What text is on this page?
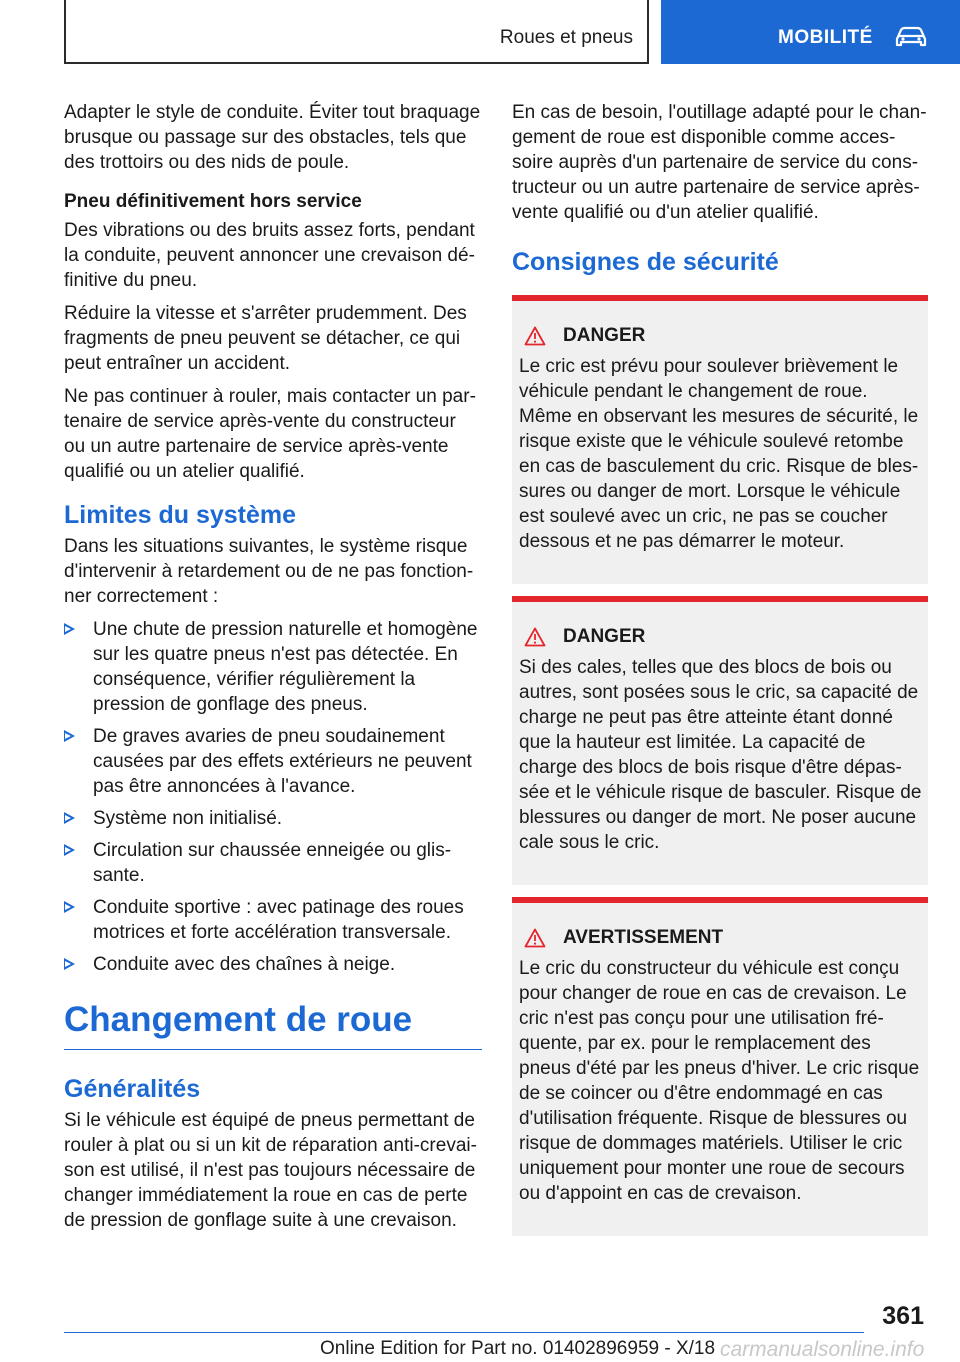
Roues et pneus	MOBILITÉ

Adapter le style de conduite. Éviter tout braquage brusque ou passage sur des obstacles, tels que des trottoirs ou des nids de poule.

Pneu définitivement hors service

Des vibrations ou des bruits assez forts, pendant la conduite, peuvent annoncer une crevaison définitive du pneu.

Réduire la vitesse et s'arrêter prudemment. Des fragments de pneu peuvent se détacher, ce qui peut entraîner un accident.

Ne pas continuer à rouler, mais contacter un partenaire de service après-vente du constructeur ou un autre partenaire de service après-vente qualifié ou un atelier qualifié.

Limites du système

Dans les situations suivantes, le système risque d'intervenir à retardement ou de ne pas fonctionner correctement :

Une chute de pression naturelle et homogène sur les quatre pneus n'est pas détectée. En conséquence, vérifier régulièrement la pression de gonflage des pneus.
De graves avaries de pneu soudainement causées par des effets extérieurs ne peuvent pas être annoncées à l'avance.
Système non initialisé.
Circulation sur chaussée enneigée ou glissante.
Conduite sportive : avec patinage des roues motrices et forte accélération transversale.
Conduite avec des chaînes à neige.
Changement de roue
Généralités

Si le véhicule est équipé de pneus permettant de rouler à plat ou si un kit de réparation anti-crevaison est utilisé, il n'est pas toujours nécessaire de changer immédiatement la roue en cas de perte de pression de gonflage suite à une crevaison.

En cas de besoin, l'outillage adapté pour le changement de roue est disponible comme accessoire auprès d'un partenaire de service du constructeur ou un autre partenaire de service après-vente qualifié ou d'un atelier qualifié.

Consignes de sécurité
DANGER
Le cric est prévu pour soulever brièvement le véhicule pendant le changement de roue. Même en observant les mesures de sécurité, le risque existe que le véhicule soulevé retombe en cas de basculement du cric. Risque de blessures ou danger de mort. Lorsque le véhicule est soulevé avec un cric, ne pas se coucher dessous et ne pas démarrer le moteur.
DANGER
Si des cales, telles que des blocs de bois ou autres, sont posées sous le cric, sa capacité de charge ne peut pas être atteinte étant donné que la hauteur est limitée. La capacité de charge des blocs de bois risque d'être dépassée et le véhicule risque de basculer. Risque de blessures ou danger de mort. Ne poser aucune cale sous le cric.
AVERTISSEMENT
Le cric du constructeur du véhicule est conçu pour changer de roue en cas de crevaison. Le cric n'est pas conçu pour une utilisation fréquente, par ex. pour le remplacement des pneus d'été par les pneus d'hiver. Le cric risque de se coincer ou d'être endommagé en cas d'utilisation fréquente. Risque de blessures ou risque de dommages matériels. Utiliser le cric uniquement pour monter une roue de secours ou d'appoint en cas de crevaison.
361
Online Edition for Part no. 01402896959 - X/18 carmanualsonline.info
